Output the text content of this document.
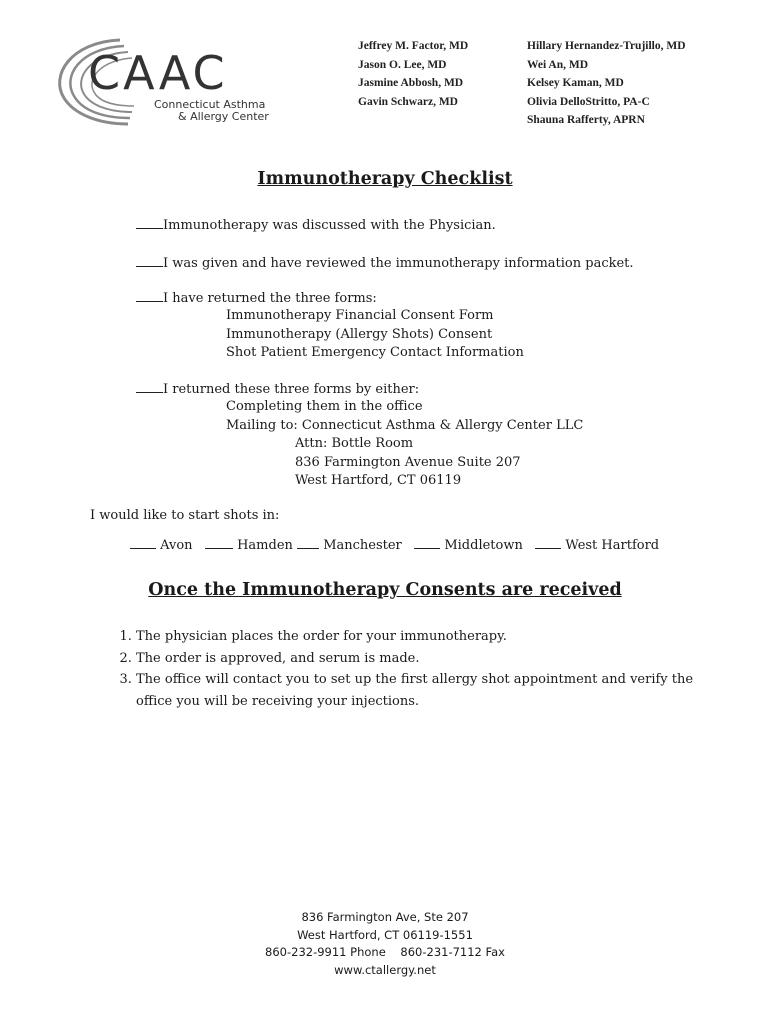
CAAC
Connecticut Asthma
& Allergy Center
Jeffrey M. Factor, MD
Jason O. Lee, MD
Jasmine Abbosh, MD
Gavin Schwarz, MD
Hillary Hernandez-Trujillo, MD
Wei An, MD
Kelsey Kaman, MD
Olivia DelloStritto, PA-C
Shauna Rafferty, APRN
Immunotherapy Checklist
Immunotherapy was discussed with the Physician.
I was given and have reviewed the immunotherapy information packet.
I have returned the three forms:
Immunotherapy Financial Consent Form
Immunotherapy (Allergy Shots) Consent
Shot Patient Emergency Contact Information
I returned these three forms by either:
Completing them in the office
Mailing to: Connecticut Asthma & Allergy Center LLC
Attn: Bottle Room
836 Farmington Avenue Suite 207
West Hartford, CT 06119
I would like to start shots in:
Avon	Hamden Manchester	Middletown	West Hartford
Once the Immunotherapy Consents are received
1. The physician places the order for your immunotherapy.
2. The order is approved, and serum is made.
3. The office will contact you to set up the first allergy shot appointment and verify the office you will be receiving your injections.
836 Farmington Ave, Ste 207
West Hartford, CT 06119-1551
860-232-9911 Phone 860-231-7112 Fax
www.ctallergy.net
